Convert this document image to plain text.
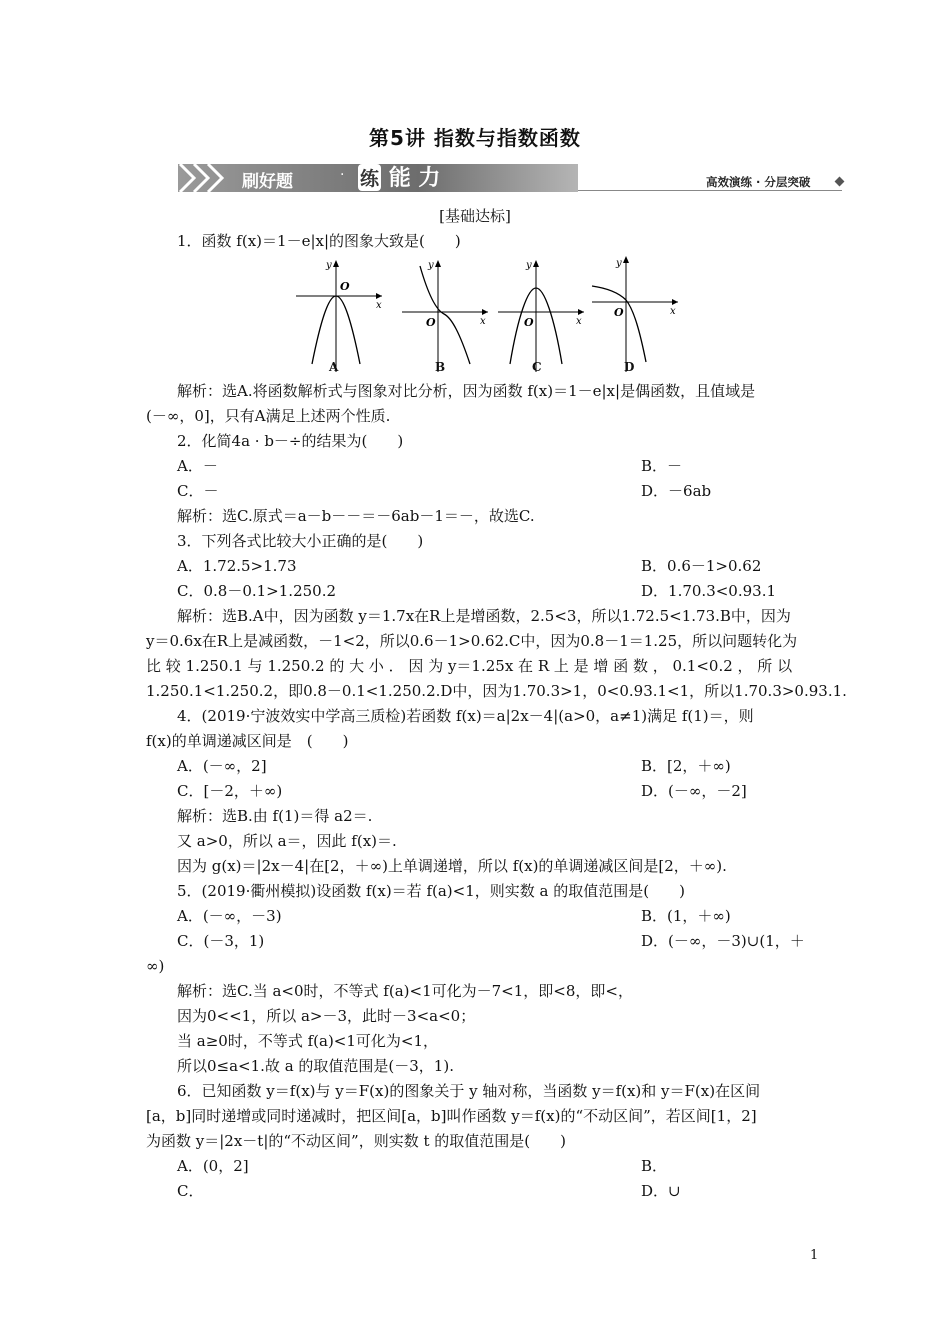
第5讲 指数与指数函数
刷好题	· 练 能 力	高效演练 · 分层突破
[基础达标]
1．函数 f(x)＝1－e|x|的图象大致是(　　)
y
x
O
A
y
x
O
B
y
x
O
C
y
x
O
D
解析：选A.将函数解析式与图象对比分析，因为函数 f(x)＝1－e|x|是偶函数，且值域是
(－∞，0]，只有A满足上述两个性质.
2．化简4a · b－÷的结果为(　　)
A．－	B．－
C．－	D．－6ab
解析：选C.原式＝a－b－－＝－6ab－1＝－，故选C.
3．下列各式比较大小正确的是(　　)
A．1.72.5>1.73	B．0.6－1>0.62
C．0.8－0.1>1.250.2	D．1.70.3<0.93.1
解析：选B.A中，因为函数 y＝1.7x在R上是增函数，2.5<3，所以1.72.5<1.73.B中，因为
y＝0.6x在R上是减函数，－1<2，所以0.6－1>0.62.C中，因为0.8－1＝1.25，所以问题转化为
比 较 1.250.1 与 1.250.2 的 大 小 ． 因 为 y＝1.25x 在 R 上 是 增 函 数 ， 0.1<0.2 ， 所 以
1.250.1<1.250.2，即0.8－0.1<1.250.2.D中，因为1.70.3>1，0<0.93.1<1，所以1.70.3>0.93.1.
4．(2019·宁波效实中学高三质检)若函数 f(x)＝a|2x－4|(a>0，a≠1)满足 f(1)＝，则
f(x)的单调递减区间是　(　　)
A．(－∞，2]	B．[2，＋∞)
C．[－2，＋∞)	D．(－∞，－2]
解析：选B.由 f(1)＝得 a2＝.
又 a>0，所以 a＝，因此 f(x)＝.
因为 g(x)＝|2x－4|在[2，＋∞)上单调递增，所以 f(x)的单调递减区间是[2，＋∞).
5．(2019·衢州模拟)设函数 f(x)＝若 f(a)<1，则实数 a 的取值范围是(　　)
A．(－∞，－3)	B．(1，＋∞)
C．(－3，1)	D．(－∞，－3)∪(1，＋
∞)
解析：选C.当 a<0时，不等式 f(a)<1可化为－7<1，即<8，即<，
因为0<<1，所以 a>－3，此时－3<a<0；
当 a≥0时，不等式 f(a)<1可化为<1，
所以0≤a<1.故 a 的取值范围是(－3，1).
6．已知函数 y＝f(x)与 y＝F(x)的图象关于 y 轴对称，当函数 y＝f(x)和 y＝F(x)在区间
[a，b]同时递增或同时递减时，把区间[a，b]叫作函数 y＝f(x)的“不动区间”，若区间[1，2]
为函数 y＝|2x－t|的“不动区间”，则实数 t 的取值范围是(　　)
A．(0，2]	B．
C．	D．∪
1
